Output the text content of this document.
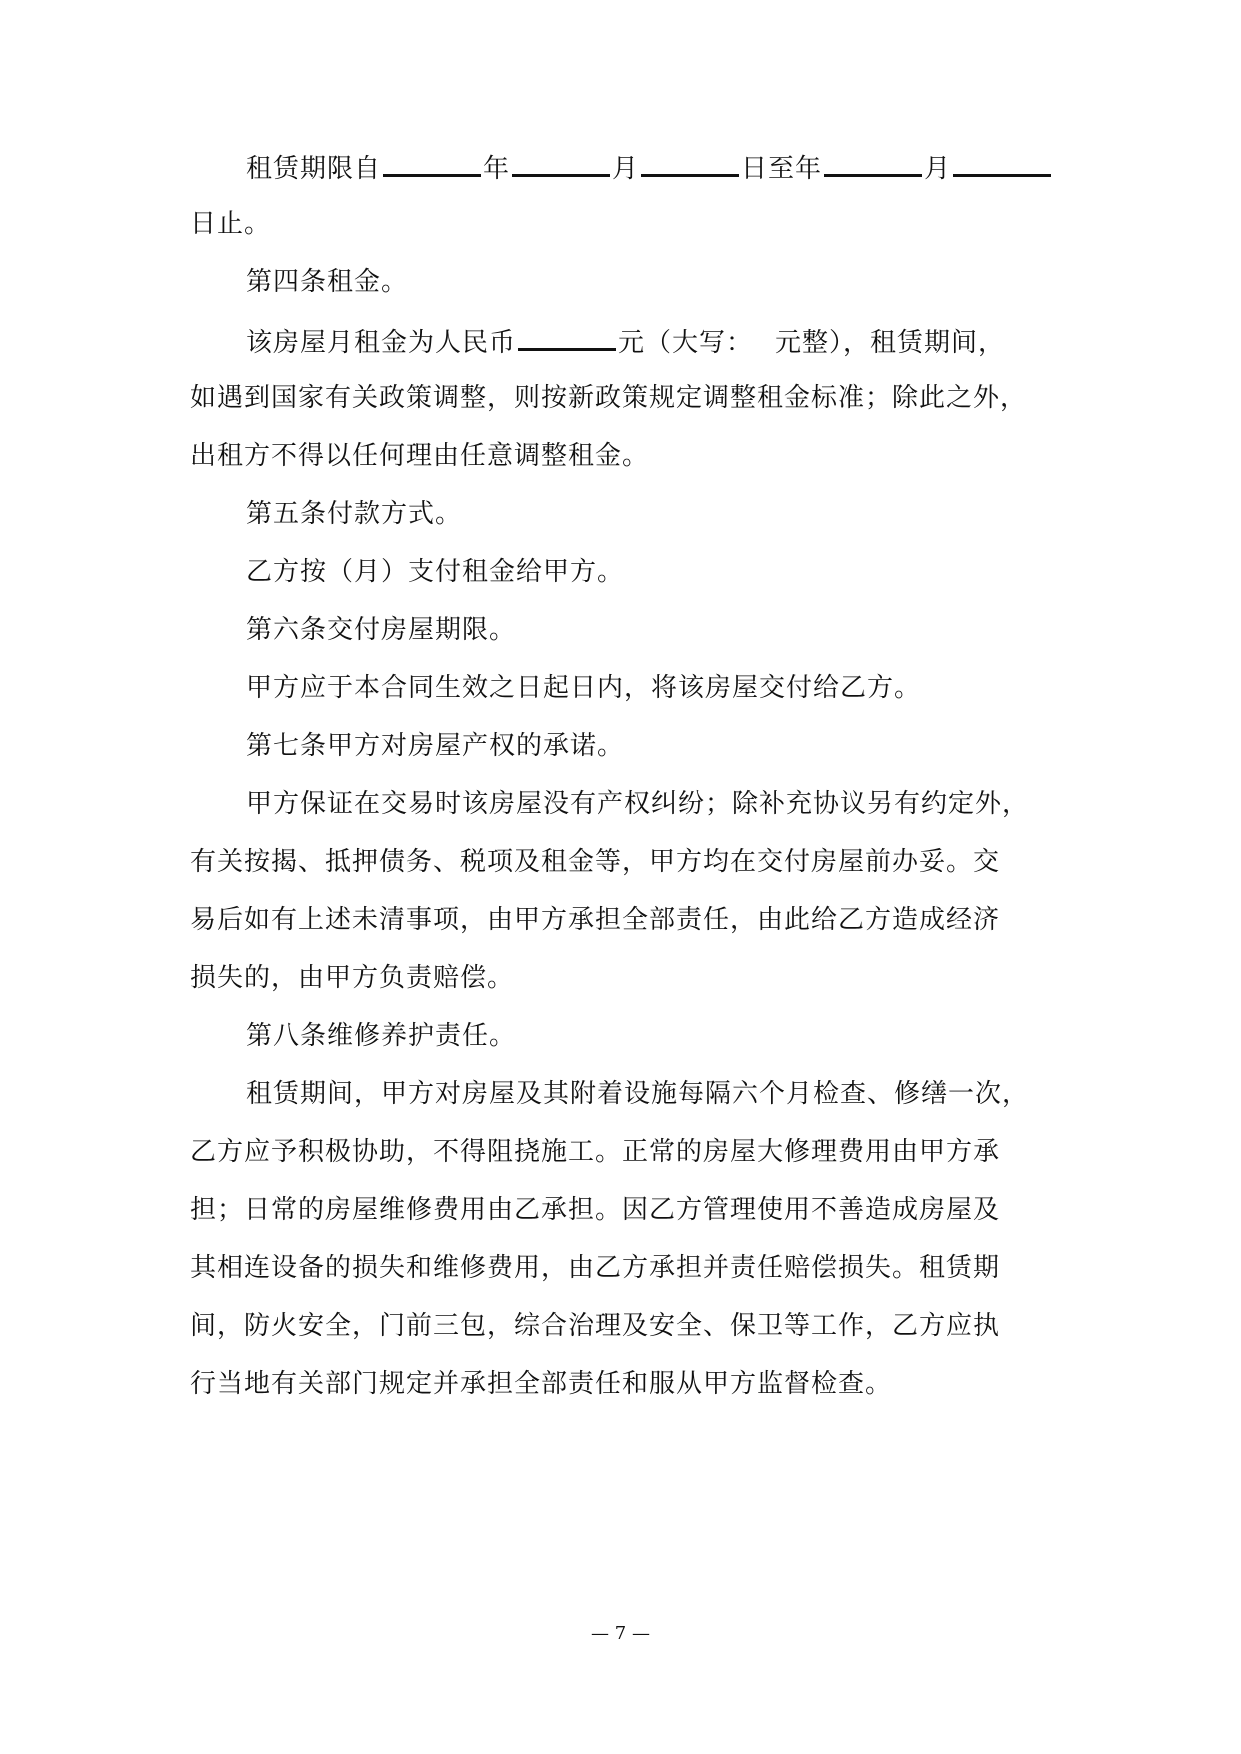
租赁期限自	年	月	日至年	月
日止。
第四条租金。
该房屋月租金为人民币	元（大写： 元整），租赁期间，
如遇到国家有关政策调整，则按新政策规定调整租金标准；除此之外，
出租方不得以任何理由任意调整租金。
第五条付款方式。
乙方按（月）支付租金给甲方。
第六条交付房屋期限。
甲方应于本合同生效之日起日内，将该房屋交付给乙方。
第七条甲方对房屋产权的承诺。
甲方保证在交易时该房屋没有产权纠纷；除补充协议另有约定外，
有关按揭、抵押债务、税项及租金等，甲方均在交付房屋前办妥。交
易后如有上述未清事项，由甲方承担全部责任，由此给乙方造成经济
损失的，由甲方负责赔偿。
第八条维修养护责任。
租赁期间，甲方对房屋及其附着设施每隔六个月检查、修缮一次，
乙方应予积极协助，不得阻挠施工。正常的房屋大修理费用由甲方承
担；日常的房屋维修费用由乙承担。因乙方管理使用不善造成房屋及
其相连设备的损失和维修费用，由乙方承担并责任赔偿损失。租赁期
间，防火安全，门前三包，综合治理及安全、保卫等工作，乙方应执
行当地有关部门规定并承担全部责任和服从甲方监督检查。
— 7 —
